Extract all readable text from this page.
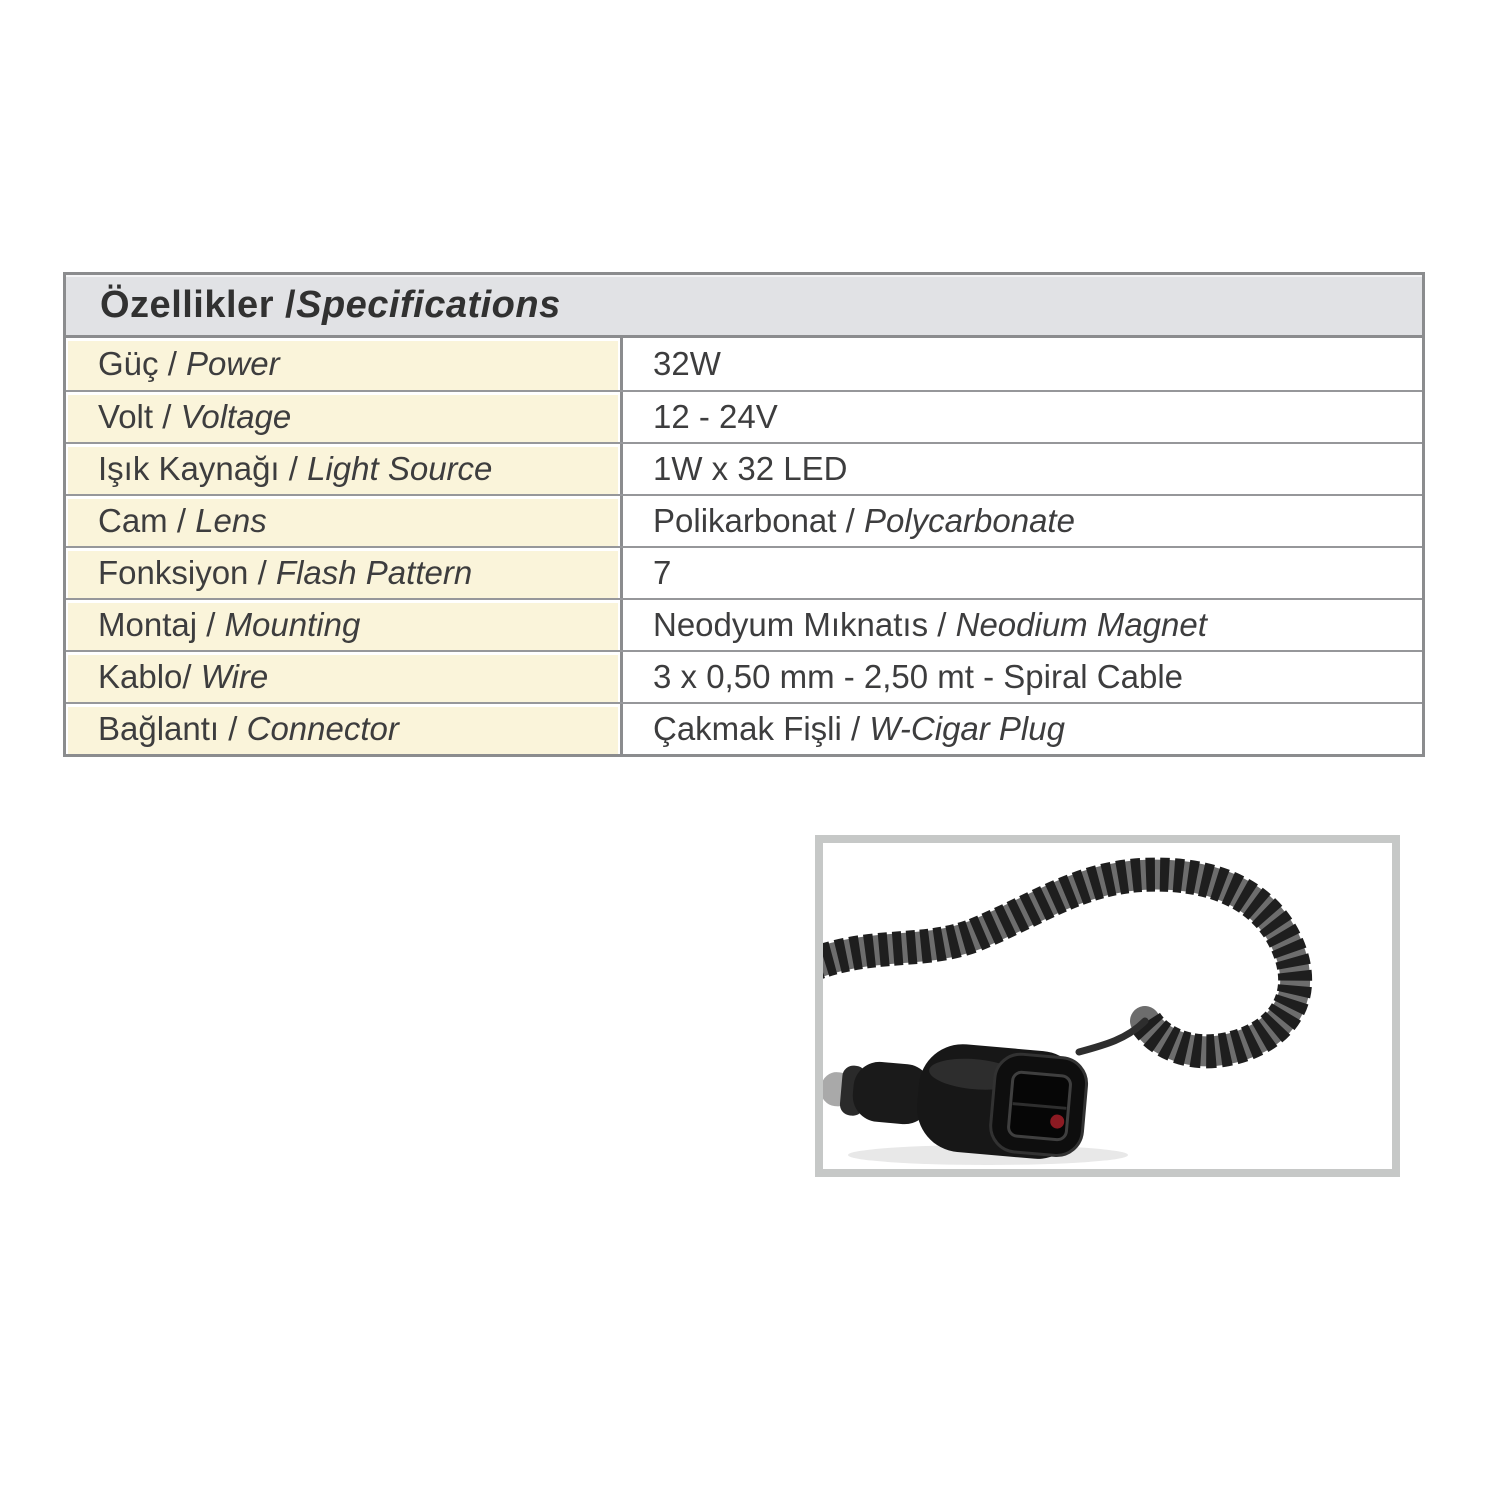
Özellikler / Specifications
Güç / Power	32W
Volt / Voltage	12 - 24V
Işık Kaynağı / Light Source	1W x 32 LED
Cam / Lens	Polikarbonat / Polycarbonate
Fonksiyon / Flash Pattern	7
Montaj / Mounting	Neodyum Mıknatıs / Neodium Magnet
Kablo/ Wire	3 x 0,50 mm - 2,50 mt - Spiral Cable
Bağlantı / Connector	Çakmak Fişli / W-Cigar Plug
